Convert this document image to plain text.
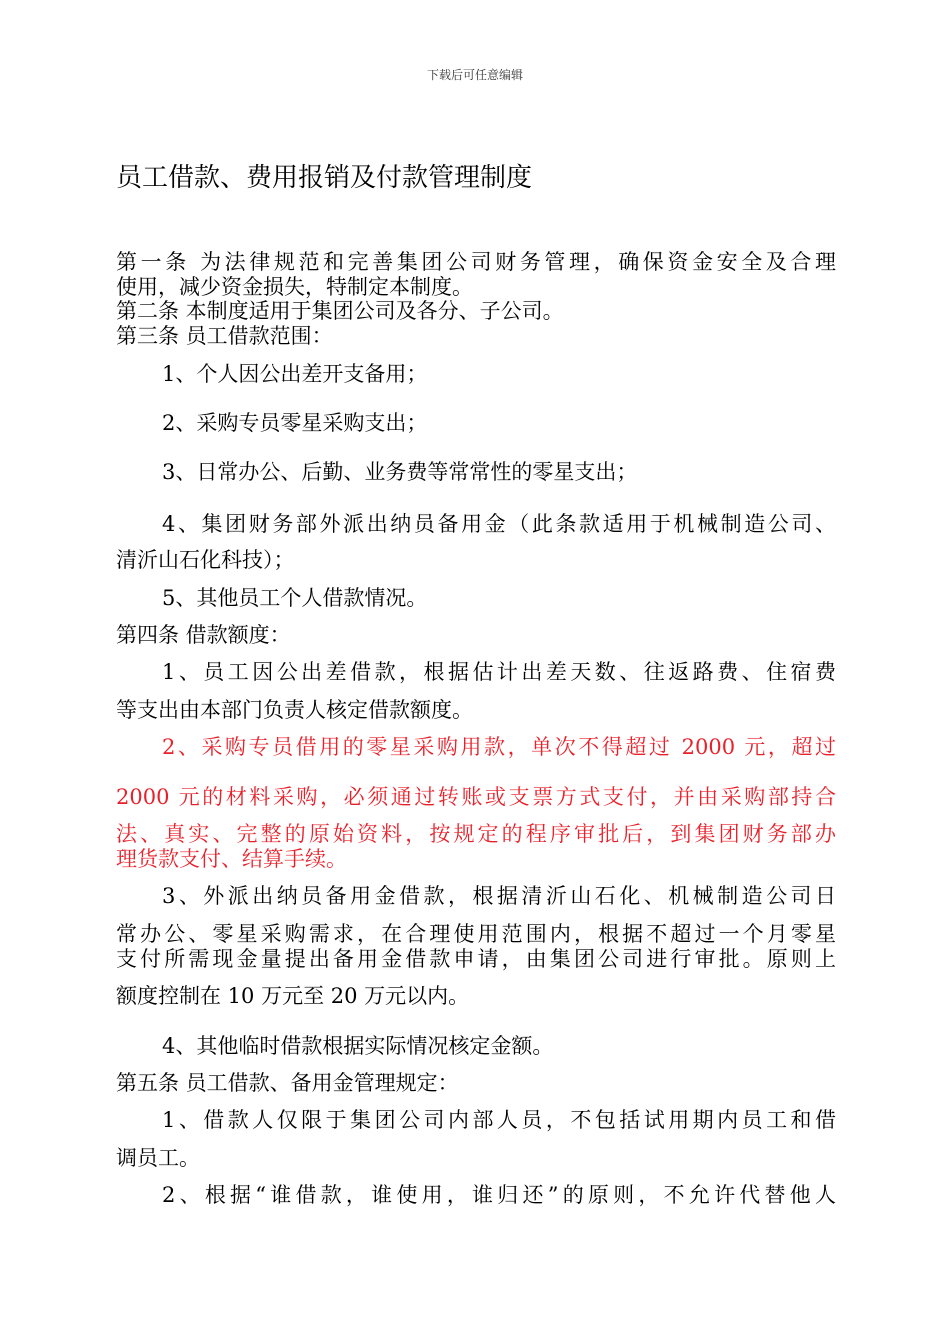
下载后可任意编辑
员工借款、费用报销及付款管理制度
第一条 为法律规范和完善集团公司财务管理，确保资金安全及合理
使用，减少资金损失，特制定本制度。
第二条 本制度适用于集团公司及各分、子公司。
第三条 员工借款范围：
1、个人因公出差开支备用；
2、采购专员零星采购支出；
3、日常办公、后勤、业务费等常常性的零星支出；
4、集团财务部外派出纳员备用金（此条款适用于机械制造公司、
清沂山石化科技）；
5、其他员工个人借款情况。
第四条 借款额度：
1、员工因公出差借款，根据估计出差天数、往返路费、住宿费
等支出由本部门负责人核定借款额度。
2、采购专员借用的零星采购用款，单次不得超过 2000 元，超过
2000 元的材料采购，必须通过转账或支票方式支付，并由采购部持合
法、真实、完整的原始资料，按规定的程序审批后，到集团财务部办
理货款支付、结算手续。
3、外派出纳员备用金借款，根据清沂山石化、机械制造公司日
常办公、零星采购需求，在合理使用范围内，根据不超过一个月零星
支付所需现金量提出备用金借款申请，由集团公司进行审批。原则上
额度控制在 10 万元至 20 万元以内。
4、其他临时借款根据实际情况核定金额。
第五条 员工借款、备用金管理规定：
1、借款人仅限于集团公司内部人员，不包括试用期内员工和借
调员工。
2、根据“谁借款，谁使用，谁归还”的原则，不允许代替他人
